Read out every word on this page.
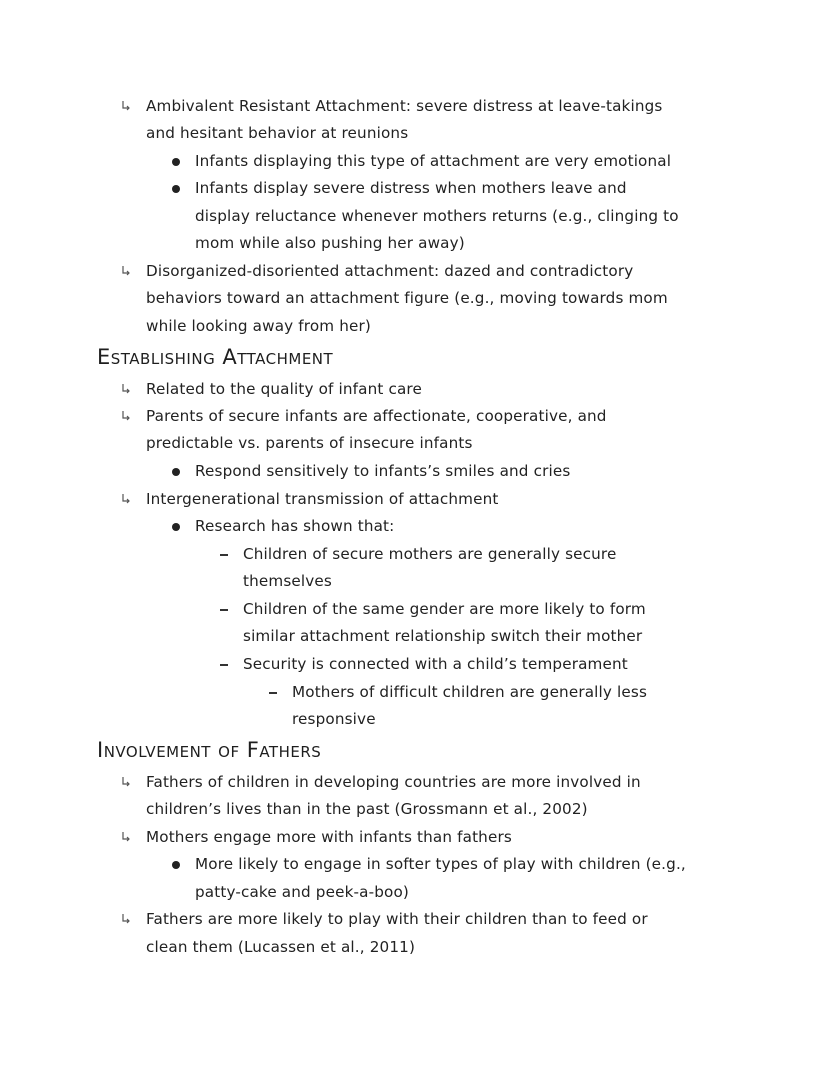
Ambivalent Resistant Attachment: severe distress at leave-takings
and hesitant behavior at reunions
Infants displaying this type of attachment are very emotional
Infants display severe distress when mothers leave and
display reluctance whenever mothers returns (e.g., clinging to
mom while also pushing her away)
Disorganized-disoriented attachment: dazed and contradictory
behaviors toward an attachment figure (e.g., moving towards mom
while looking away from her)
Establishing Attachment
Related to the quality of infant care
Parents of secure infants are affectionate, cooperative, and
predictable vs. parents of insecure infants
Respond sensitively to infants’s smiles and cries
Intergenerational transmission of attachment
Research has shown that:
Children of secure mothers are generally secure
themselves
Children of the same gender are more likely to form
similar attachment relationship switch their mother
Security is connected with a child’s temperament
Mothers of difficult children are generally less
responsive
Involvement of Fathers
Fathers of children in developing countries are more involved in
children’s lives than in the past (Grossmann et al., 2002)
Mothers engage more with infants than fathers
More likely to engage in softer types of play with children (e.g.,
patty-cake and peek-a-boo)
Fathers are more likely to play with their children than to feed or
clean them (Lucassen et al., 2011)
